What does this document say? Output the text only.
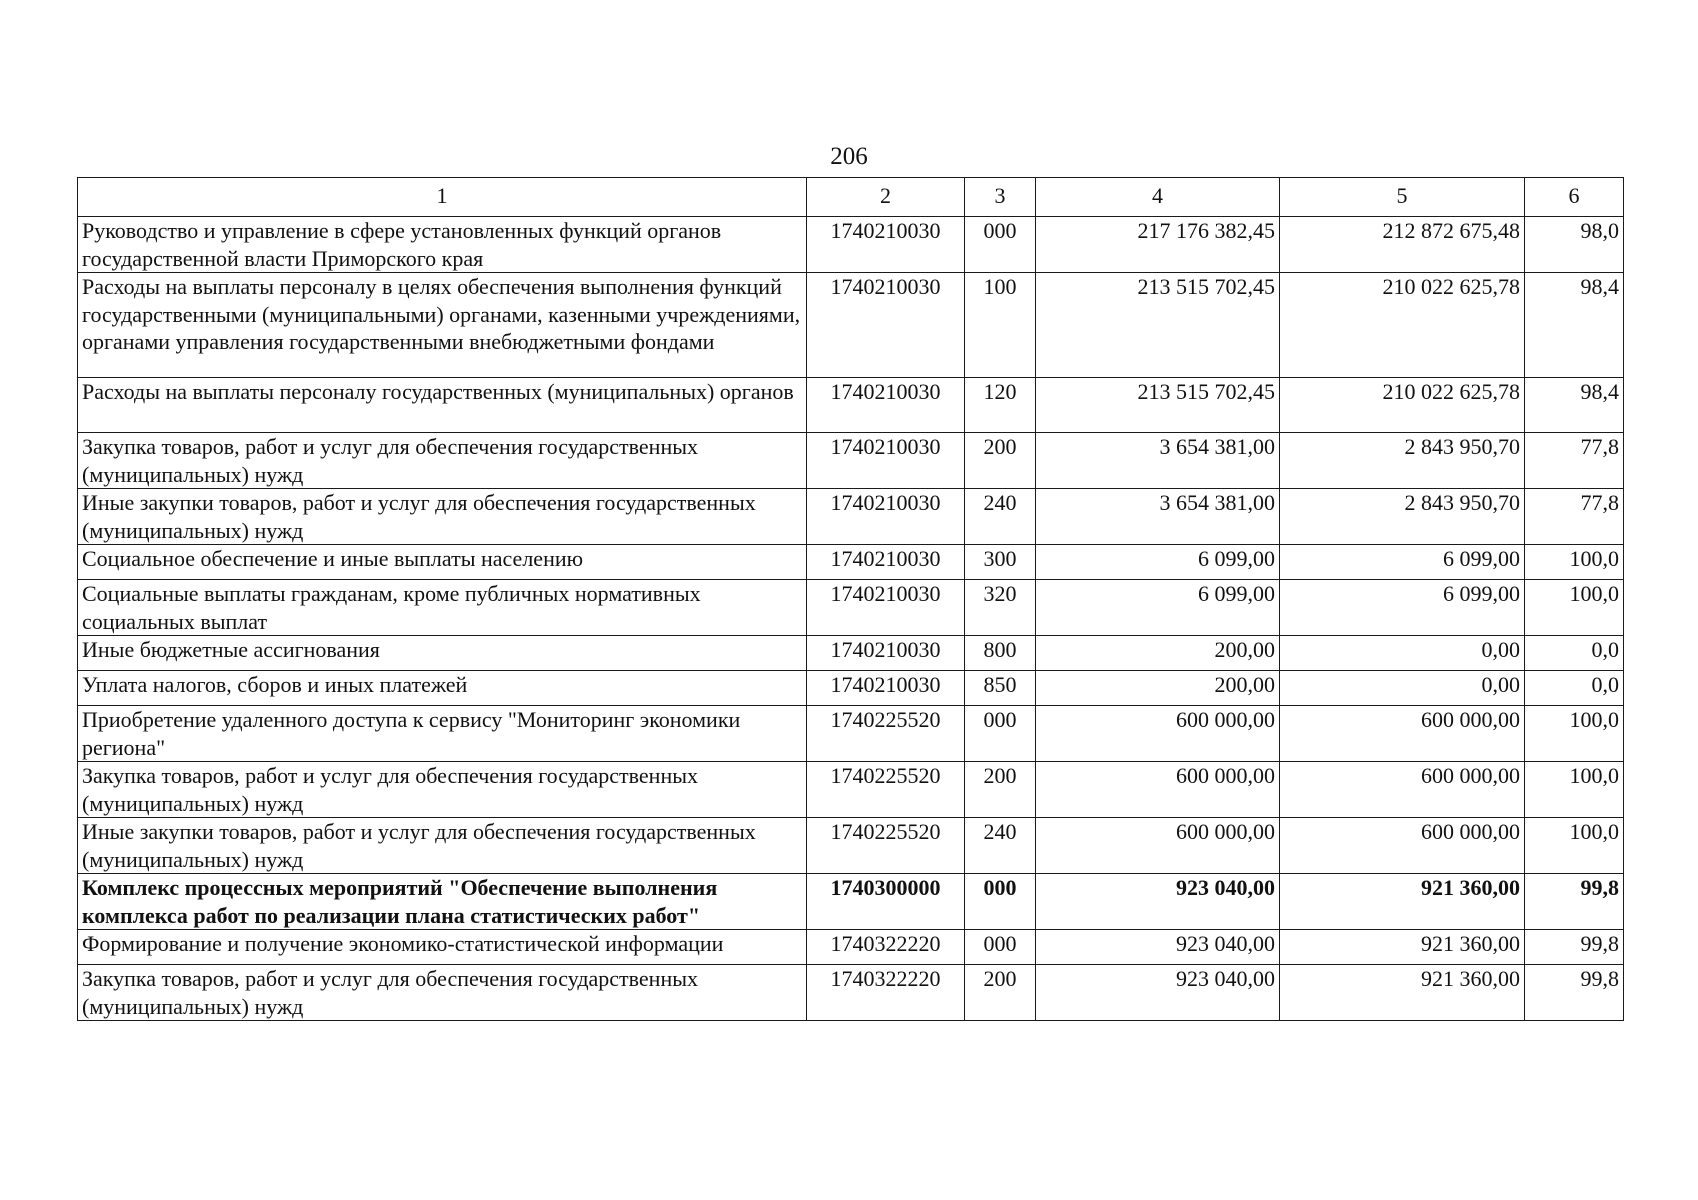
206
1	2	3	4	5	6
Руководство и управление в сфере установленных функций органов государственной власти Приморского края	1740210030	000	217 176 382,45	212 872 675,48	98,0
Расходы на выплаты персоналу в целях обеспечения выполнения функций государственными (муниципальными) органами, казенными учреждениями, органами управления государственными внебюджетными фондами	1740210030	100	213 515 702,45	210 022 625,78	98,4
Расходы на выплаты персоналу государственных (муниципальных) органов	1740210030	120	213 515 702,45	210 022 625,78	98,4
Закупка товаров, работ и услуг для обеспечения государственных (муниципальных) нужд	1740210030	200	3 654 381,00	2 843 950,70	77,8
Иные закупки товаров, работ и услуг для обеспечения государственных (муниципальных) нужд	1740210030	240	3 654 381,00	2 843 950,70	77,8
Социальное обеспечение и иные выплаты населению	1740210030	300	6 099,00	6 099,00	100,0
Социальные выплаты гражданам, кроме публичных нормативных социальных выплат	1740210030	320	6 099,00	6 099,00	100,0
Иные бюджетные ассигнования	1740210030	800	200,00	0,00	0,0
Уплата налогов, сборов и иных платежей	1740210030	850	200,00	0,00	0,0
Приобретение удаленного доступа к сервису "Мониторинг экономики региона"	1740225520	000	600 000,00	600 000,00	100,0
Закупка товаров, работ и услуг для обеспечения государственных (муниципальных) нужд	1740225520	200	600 000,00	600 000,00	100,0
Иные закупки товаров, работ и услуг для обеспечения государственных (муниципальных) нужд	1740225520	240	600 000,00	600 000,00	100,0
Комплекс процессных мероприятий "Обеспечение выполнения комплекса работ по реализации плана статистических работ"	1740300000	000	923 040,00	921 360,00	99,8
Формирование и получение экономико-статистической информации	1740322220	000	923 040,00	921 360,00	99,8
Закупка товаров, работ и услуг для обеспечения государственных (муниципальных) нужд	1740322220	200	923 040,00	921 360,00	99,8
